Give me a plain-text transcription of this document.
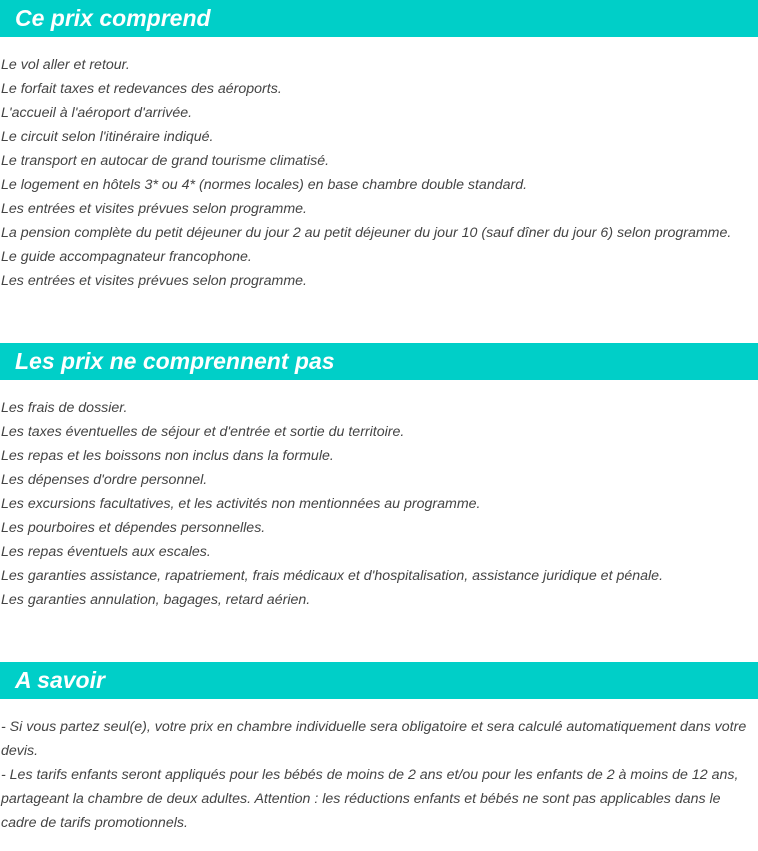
Ce prix comprend
Le vol aller et retour.
Le forfait taxes et redevances des aéroports.
L'accueil à l'aéroport d'arrivée.
Le circuit selon l'itinéraire indiqué.
Le transport en autocar de grand tourisme climatisé.
Le logement en hôtels 3* ou 4* (normes locales) en base chambre double standard.
Les entrées et visites prévues selon programme.
La pension complète du petit déjeuner du jour 2 au petit déjeuner du jour 10 (sauf dîner du jour 6) selon programme.
Le guide accompagnateur francophone.
Les entrées et visites prévues selon programme.
Les prix ne comprennent pas
Les frais de dossier.
Les taxes éventuelles de séjour et d'entrée et sortie du territoire.
Les repas et les boissons non inclus dans la formule.
Les dépenses d'ordre personnel.
Les excursions facultatives, et les activités non mentionnées au programme.
Les pourboires et dépendes personnelles.
Les repas éventuels aux escales.
Les garanties assistance, rapatriement, frais médicaux et d'hospitalisation, assistance juridique et pénale.
Les garanties annulation, bagages, retard aérien.
A savoir
- Si vous partez seul(e), votre prix en chambre individuelle sera obligatoire et sera calculé automatiquement dans votre devis.
- Les tarifs enfants seront appliqués pour les bébés de moins de 2 ans et/ou pour les enfants de 2 à moins de 12 ans, partageant la chambre de deux adultes. Attention : les réductions enfants et bébés ne sont pas applicables dans le cadre de tarifs promotionnels.
